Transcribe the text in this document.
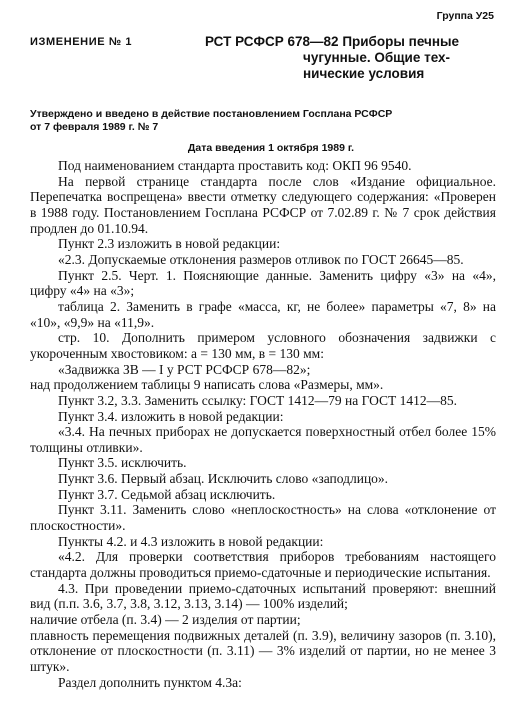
Группа У25
ИЗМЕНЕНИЕ № 1	РСТ РСФСР 678—82 Приборы печные
чугунные. Общие тех-
нические условия
Утверждено и введено в действие постановлением Госплана РСФСР
от 7 февраля 1989 г. № 7
Дата введения 1 октября 1989 г.

Под наименованием стандарта проставить код: ОКП 96 9540.

На первой странице стандарта после слов «Издание официальное. Перепечатка воспрещена» ввести отметку следующего содержания: «Проверен в 1988 году. Постановлением Госплана РСФСР от 7.02.89 г. № 7 срок действия продлен до 01.10.94.

Пункт 2.3 изложить в новой редакции:

«2.3. Допускаемые отклонения размеров отливок по ГОСТ 26645—85.

Пункт 2.5. Черт. 1. Поясняющие данные. Заменить цифру «3» на «4», цифру «4» на «3»;

таблица 2. Заменить в графе «масса, кг, не более» параметры «7, 8» на «10», «9,9» на «11,9».

стр. 10. Дополнить примером условного обозначения задвижки с укороченным хвостовиком: a = 130 мм, в = 130 мм:

«Задвижка ЗВ — I у РСТ РСФСР 678—82»;

над продолжением таблицы 9 написать слова «Размеры, мм».

Пункт 3.2, 3.3. Заменить ссылку: ГОСТ 1412—79 на ГОСТ 1412—85.

Пункт 3.4. изложить в новой редакции:

«3.4. На печных приборах не допускается поверхностный отбел более 15% толщины отливки».

Пункт 3.5. исключить.

Пункт 3.6. Первый абзац. Исключить слово «заподлицо».

Пункт 3.7. Седьмой абзац исключить.

Пункт 3.11. Заменить слово «неплоскостность» на слова «отклонение от плоскостности».

Пункты 4.2. и 4.3 изложить в новой редакции:

«4.2. Для проверки соответствия приборов требованиям настоящего стандарта должны проводиться приемо-сдаточные и периодические испытания.

4.3. При проведении приемо-сдаточных испытаний проверяют: внешний вид (п.п. 3.6, 3.7, 3.8, 3.12, 3.13, 3.14) — 100% изделий;

наличие отбела (п. 3.4) — 2 изделия от партии;

плавность перемещения подвижных деталей (п. 3.9), величину зазоров (п. 3.10), отклонение от плоскостности (п. 3.11) — 3% изделий от партии, но не менее 3 штук».

Раздел дополнить пунктом 4.3а:
